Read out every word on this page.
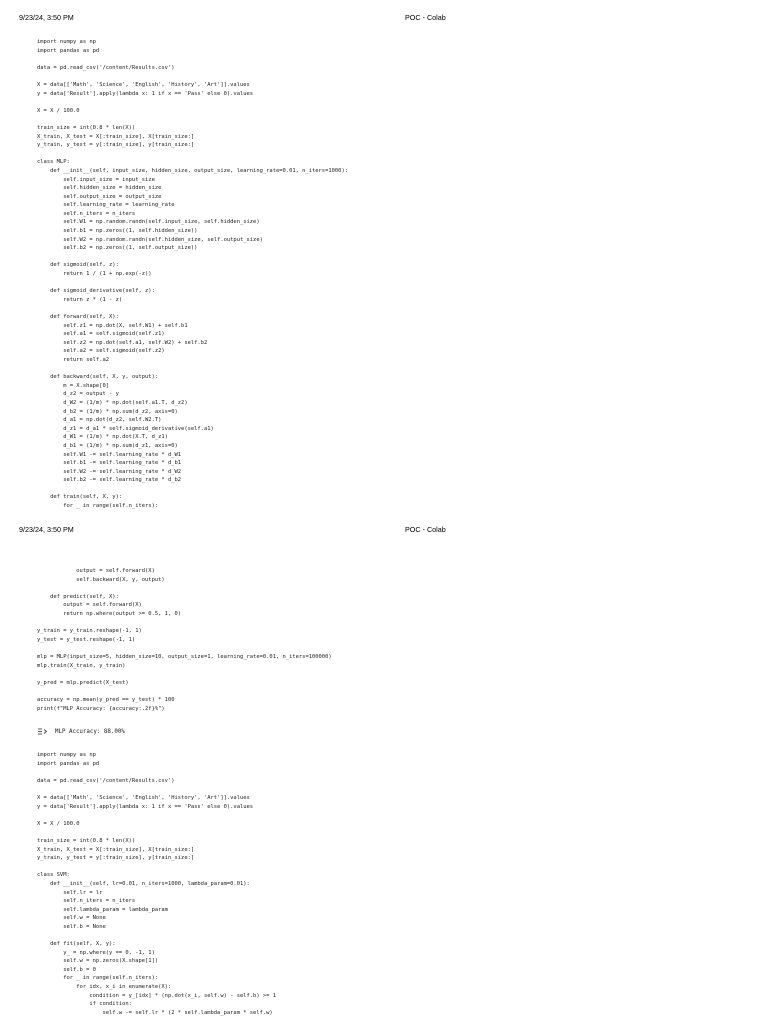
9/23/24, 3:50 PM	POC - Colab
import numpy as np
import pandas as pd

data = pd.read_csv('/content/Results.csv')

X = data[['Math', 'Science', 'English', 'History', 'Art']].values
y = data['Result'].apply(lambda x: 1 if x == 'Pass' else 0).values

X = X / 100.0

train_size = int(0.8 * len(X))
X_train, X_test = X[:train_size], X[train_size:]
y_train, y_test = y[:train_size], y[train_size:]

class MLP:
def __init__(self, input_size, hidden_size, output_size, learning_rate=0.01, n_iters=1000):
self.input_size = input_size
self.hidden_size = hidden_size
self.output_size = output_size
self.learning_rate = learning_rate
self.n_iters = n_iters
self.W1 = np.random.randn(self.input_size, self.hidden_size)
self.b1 = np.zeros((1, self.hidden_size))
self.W2 = np.random.randn(self.hidden_size, self.output_size)
self.b2 = np.zeros((1, self.output_size))

def sigmoid(self, z):
return 1 / (1 + np.exp(-z))

def sigmoid_derivative(self, z):
return z * (1 - z)

def forward(self, X):
self.z1 = np.dot(X, self.W1) + self.b1
self.a1 = self.sigmoid(self.z1)
self.z2 = np.dot(self.a1, self.W2) + self.b2
self.a2 = self.sigmoid(self.z2)
return self.a2

def backward(self, X, y, output):
m = X.shape[0]
d_z2 = output - y
d_W2 = (1/m) * np.dot(self.a1.T, d_z2)
d_b2 = (1/m) * np.sum(d_z2, axis=0)
d_a1 = np.dot(d_z2, self.W2.T)
d_z1 = d_a1 * self.sigmoid_derivative(self.a1)
d_W1 = (1/m) * np.dot(X.T, d_z1)
d_b1 = (1/m) * np.sum(d_z1, axis=0)
self.W1 -= self.learning_rate * d_W1
self.b1 -= self.learning_rate * d_b1
self.W2 -= self.learning_rate * d_W2
self.b2 -= self.learning_rate * d_b2

def train(self, X, y):
for _ in range(self.n_iters):
9/23/24, 3:50 PM	POC - Colab
output = self.forward(X)
self.backward(X, y, output)

def predict(self, X):
output = self.forward(X)
return np.where(output >= 0.5, 1, 0)

y_train = y_train.reshape(-1, 1)
y_test = y_test.reshape(-1, 1)

mlp = MLP(input_size=5, hidden_size=10, output_size=1, learning_rate=0.01, n_iters=100000)
mlp.train(X_train, y_train)

y_pred = mlp.predict(X_test)

accuracy = np.mean(y_pred == y_test) * 100
print(f"MLP Accuracy: {accuracy:.2f}%")
MLP Accuracy: 88.00%
import numpy as np
import pandas as pd

data = pd.read_csv('/content/Results.csv')

X = data[['Math', 'Science', 'English', 'History', 'Art']].values
y = data['Result'].apply(lambda x: 1 if x == 'Pass' else 0).values

X = X / 100.0

train_size = int(0.8 * len(X))
X_train, X_test = X[:train_size], X[train_size:]
y_train, y_test = y[:train_size], y[train_size:]

class SVM:
def __init__(self, lr=0.01, n_iters=1000, lambda_param=0.01):
self.lr = lr
self.n_iters = n_iters
self.lambda_param = lambda_param
self.w = None
self.b = None

def fit(self, X, y):
y_ = np.where(y == 0, -1, 1)
self.w = np.zeros(X.shape[1])
self.b = 0
for _ in range(self.n_iters):
for idx, x_i in enumerate(X):
condition = y_[idx] * (np.dot(x_i, self.w) - self.b) >= 1
if condition:
self.w -= self.lr * (2 * self.lambda_param * self.w)
